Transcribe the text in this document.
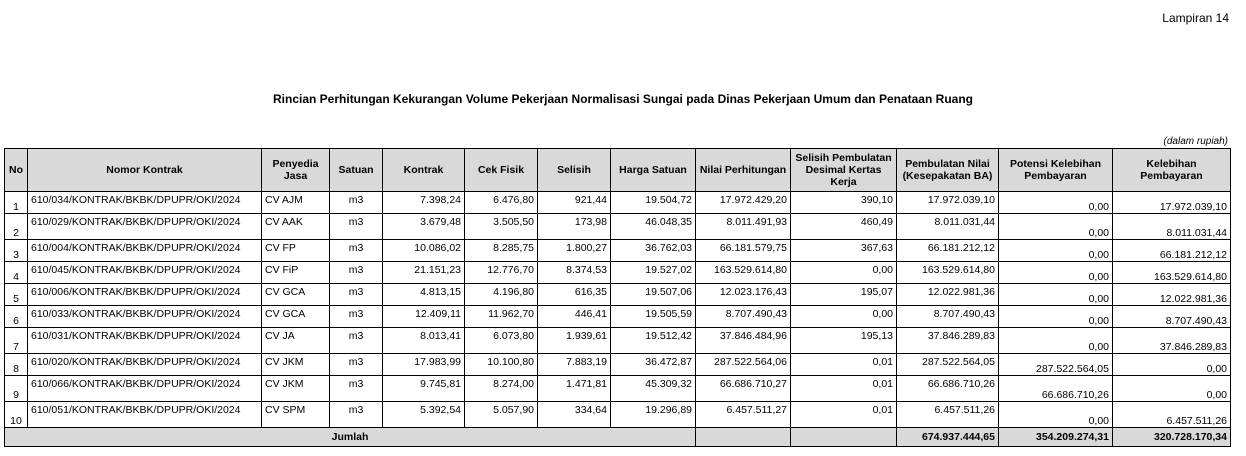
Lampiran 14
Rincian Perhitungan Kekurangan Volume Pekerjaan Normalisasi Sungai pada Dinas Pekerjaan Umum dan Penataan Ruang
(dalam rupiah)
No	Nomor Kontrak	Penyedia Jasa	Satuan	Kontrak	Cek Fisik	Selisih	Harga Satuan	Nilai Perhitungan	Selisih Pembulatan Desimal Kertas Kerja	Pembulatan Nilai (Kesepakatan BA)	Potensi Kelebihan Pembayaran	Kelebihan Pembayaran
1	610/034/KONTRAK/BKBK/DPUPR/OKI/2024	CV AJM	m3	7.398,24	6.476,80	921,44	19.504,72	17.972.429,20	390,10	17.972.039,10	0,00	17.972.039,10
2	610/029/KONTRAK/BKBK/DPUPR/OKI/2024	CV AAK	m3	3.679,48	3.505,50	173,98	46.048,35	8.011.491,93	460,49	8.011.031,44	0,00	8.011.031,44
3	610/004/KONTRAK/BKBK/DPUPR/OKI/2024	CV FP	m3	10.086,02	8.285,75	1.800,27	36.762,03	66.181.579,75	367,63	66.181.212,12	0,00	66.181.212,12
4	610/045/KONTRAK/BKBK/DPUPR/OKI/2024	CV FiP	m3	21.151,23	12.776,70	8.374,53	19.527,02	163.529.614,80	0,00	163.529.614,80	0,00	163.529.614,80
5	610/006/KONTRAK/BKBK/DPUPR/OKI/2024	CV GCA	m3	4.813,15	4.196,80	616,35	19.507,06	12.023.176,43	195,07	12.022.981,36	0,00	12.022.981,36
6	610/033/KONTRAK/BKBK/DPUPR/OKI/2024	CV GCA	m3	12.409,11	11.962,70	446,41	19.505,59	8.707.490,43	0,00	8.707.490,43	0,00	8.707.490,43
7	610/031/KONTRAK/BKBK/DPUPR/OKI/2024	CV JA	m3	8.013,41	6.073,80	1.939,61	19.512,42	37.846.484,96	195,13	37.846.289,83	0,00	37.846.289,83
8	610/020/KONTRAK/BKBK/DPUPR/OKI/2024	CV JKM	m3	17.983,99	10.100,80	7.883,19	36.472,87	287.522.564,06	0,01	287.522.564,05	287.522.564,05	0,00
9	610/066/KONTRAK/BKBK/DPUPR/OKI/2024	CV JKM	m3	9.745,81	8.274,00	1.471,81	45.309,32	66.686.710,27	0,01	66.686.710,26	66.686.710,26	0,00
10	610/051/KONTRAK/BKBK/DPUPR/OKI/2024	CV SPM	m3	5.392,54	5.057,90	334,64	19.296,89	6.457.511,27	0,01	6.457.511,26	0,00	6.457.511,26
Jumlah										674.937.444,65	354.209.274,31	320.728.170,34
